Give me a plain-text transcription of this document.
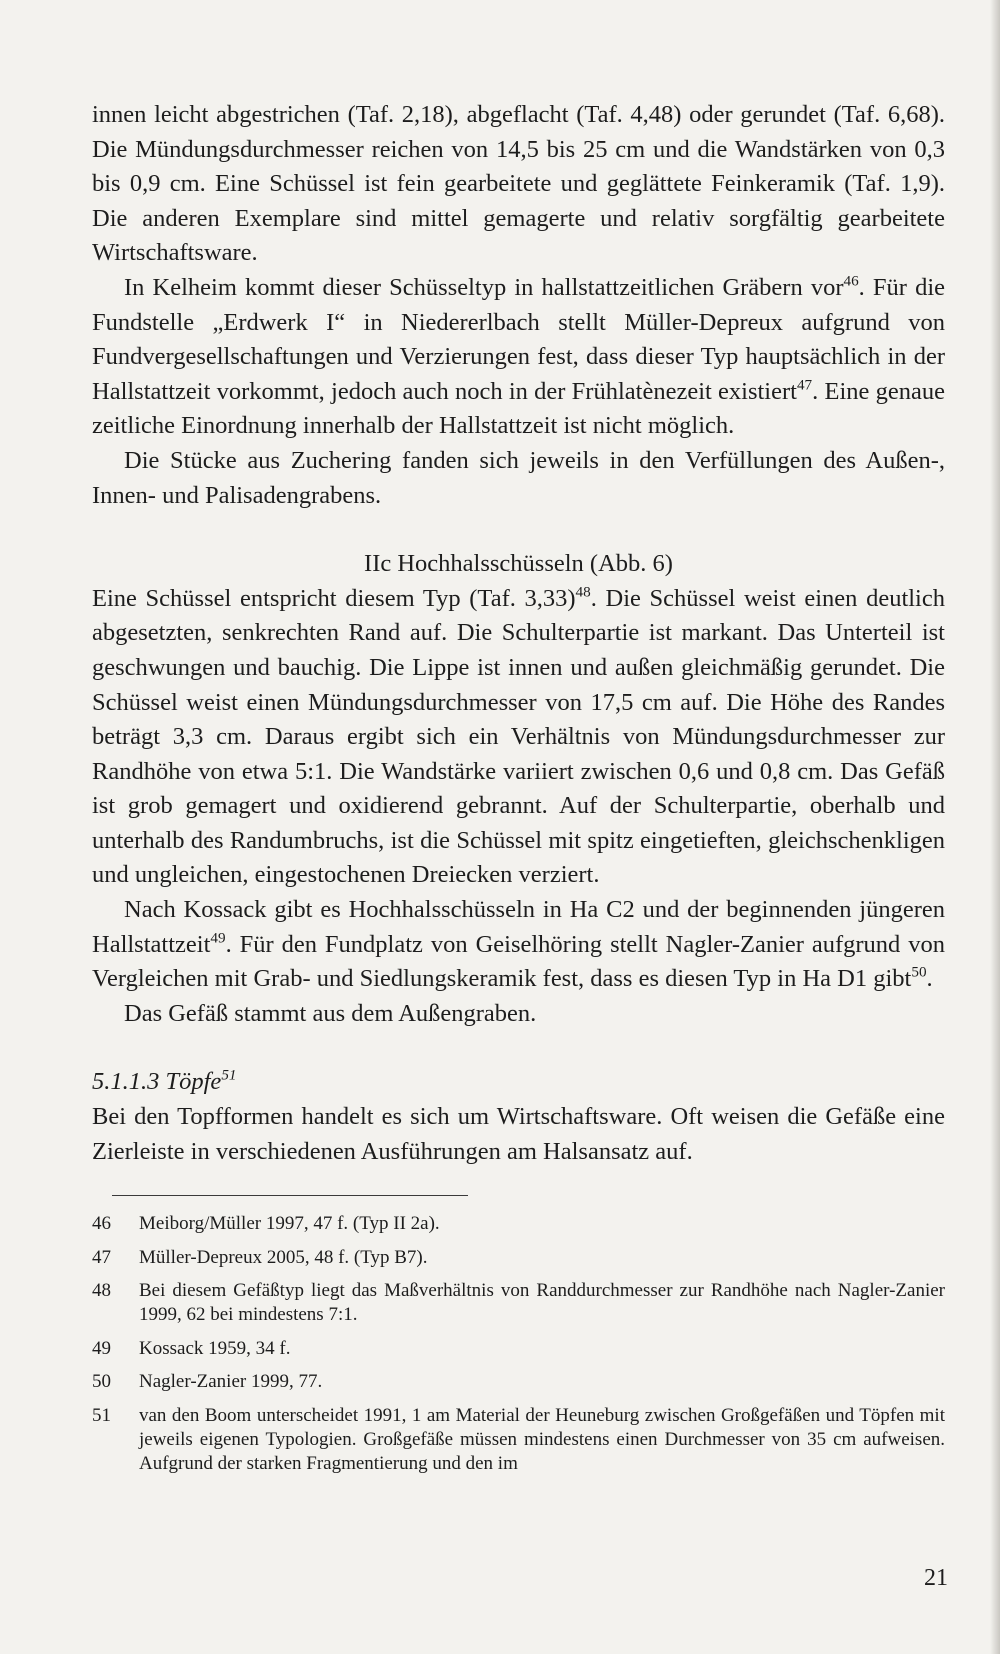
innen leicht abgestrichen (Taf. 2,18), abgeflacht (Taf. 4,48) oder gerundet (Taf. 6,68). Die Mündungsdurchmesser reichen von 14,5 bis 25 cm und die Wandstärken von 0,3 bis 0,9 cm. Eine Schüssel ist fein gearbeitete und geglättete Feinkeramik (Taf. 1,9). Die anderen Exemplare sind mittel gemagerte und relativ sorgfältig gearbeitete Wirtschaftsware.

In Kelheim kommt dieser Schüsseltyp in hallstattzeitlichen Gräbern vor$^{46}$. Für die Fundstelle „Erdwerk I“ in Niedererlbach stellt Müller-Depreux aufgrund von Fundvergesellschaftungen und Verzierungen fest, dass dieser Typ hauptsächlich in der Hallstattzeit vorkommt, jedoch auch noch in der Frühlatènezeit existiert$^{47}$. Eine genaue zeitliche Einordnung innerhalb der Hallstattzeit ist nicht möglich.

Die Stücke aus Zuchering fanden sich jeweils in den Verfüllungen des Außen-, Innen- und Palisadengrabens.

IIc Hochhalsschüsseln (Abb. 6)

Eine Schüssel entspricht diesem Typ (Taf. 3,33)$^{48}$. Die Schüssel weist einen deutlich abgesetzten, senkrechten Rand auf. Die Schulterpartie ist markant. Das Unterteil ist geschwungen und bauchig. Die Lippe ist innen und außen gleichmäßig gerundet. Die Schüssel weist einen Mündungsdurchmesser von 17,5 cm auf. Die Höhe des Randes beträgt 3,3 cm. Daraus ergibt sich ein Verhältnis von Mündungsdurchmesser zur Randhöhe von etwa 5:1. Die Wandstärke variiert zwischen 0,6 und 0,8 cm. Das Gefäß ist grob gemagert und oxidierend gebrannt. Auf der Schulterpartie, oberhalb und unterhalb des Randumbruchs, ist die Schüssel mit spitz eingetieften, gleichschenkligen und ungleichen, eingestochenen Dreiecken verziert.

Nach Kossack gibt es Hochhalsschüsseln in Ha C2 und der beginnenden jüngeren Hallstattzeit$^{49}$. Für den Fundplatz von Geiselhöring stellt Nagler-Zanier aufgrund von Vergleichen mit Grab- und Siedlungskeramik fest, dass es diesen Typ in Ha D1 gibt$^{50}$.

Das Gefäß stammt aus dem Außengraben.

5.1.1.3 Töpfe$^{51}$

Bei den Topfformen handelt es sich um Wirtschaftsware. Oft weisen die Gefäße eine Zierleiste in verschiedenen Ausführungen am Halsansatz auf.

46	Meiborg/Müller 1997, 47 f. (Typ II 2a).
47	Müller-Depreux 2005, 48 f. (Typ B7).
48	Bei diesem Gefäßtyp liegt das Maßverhältnis von Randdurchmesser zur Randhöhe nach Nagler-Zanier 1999, 62 bei mindestens 7:1.
49	Kossack 1959, 34 f.
50	Nagler-Zanier 1999, 77.
51	van den Boom unterscheidet 1991, 1 am Material der Heuneburg zwischen Großgefäßen und Töpfen mit jeweils eigenen Typologien. Großgefäße müssen mindestens einen Durchmesser von 35 cm aufweisen. Aufgrund der starken Fragmentierung und den im
21
